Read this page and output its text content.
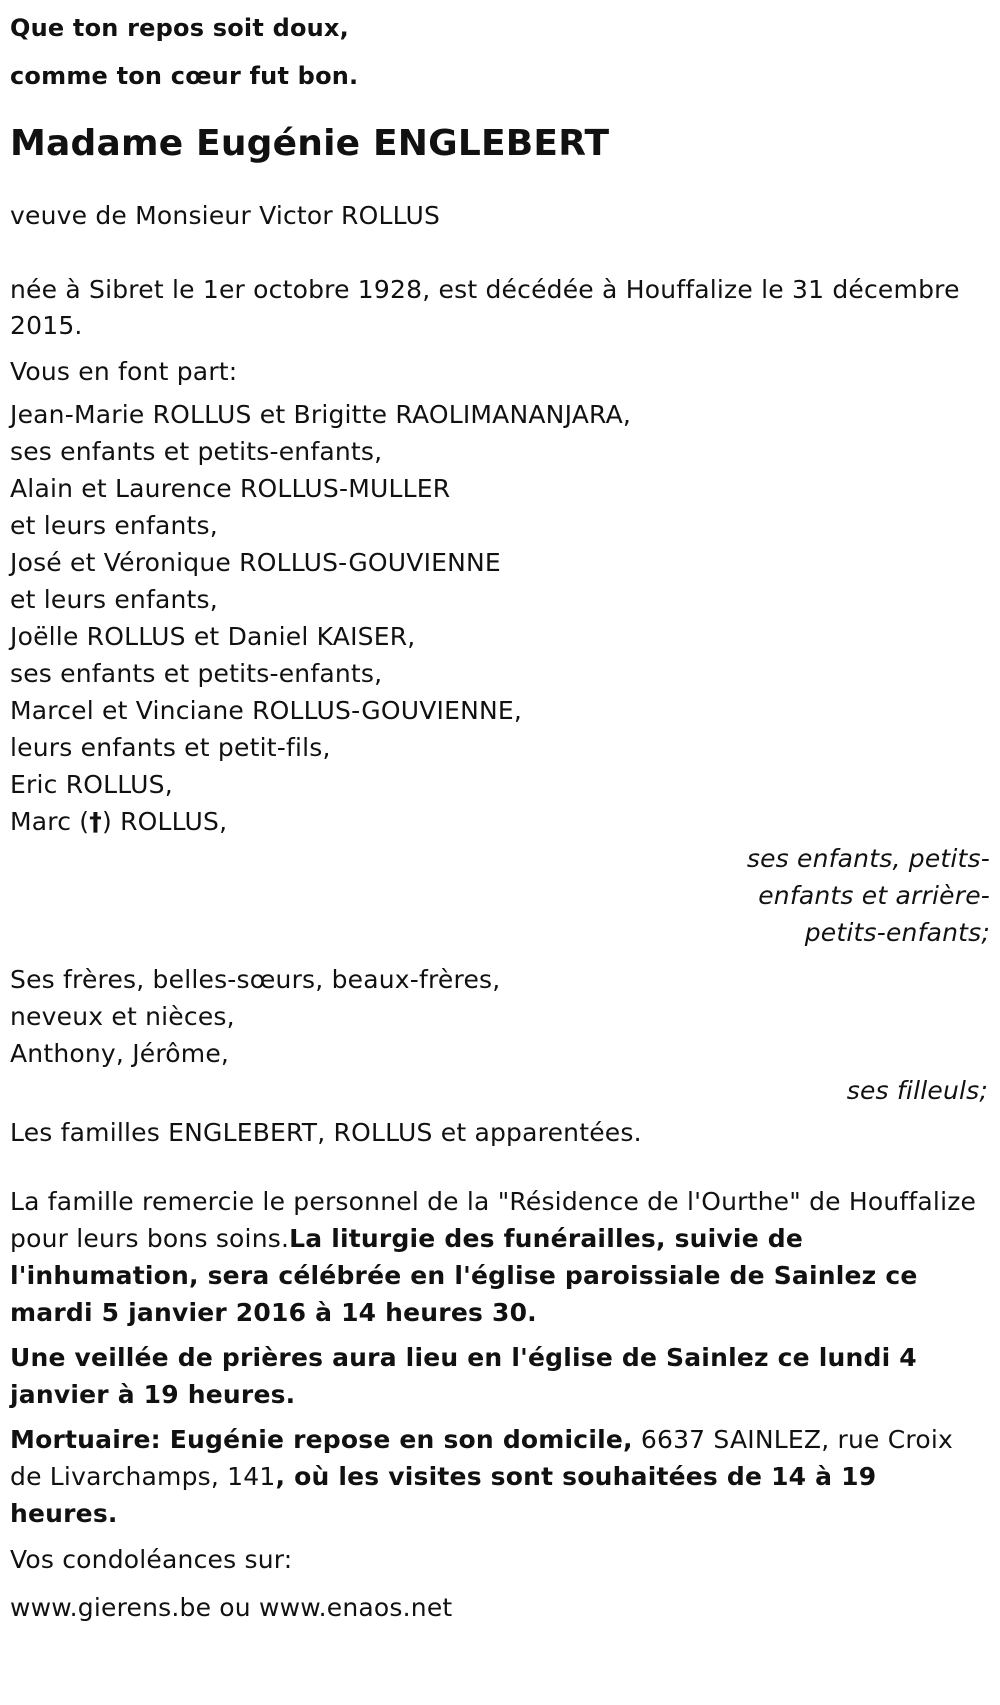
Que ton repos soit doux,
comme ton cœur fut bon.
Madame Eugénie ENGLEBERT

veuve de Monsieur Victor ROLLUS

née à Sibret le 1er octobre 1928, est décédée à Houffalize le 31 décembre 2015.

Vous en font part:

Jean-Marie ROLLUS et Brigitte RAOLIMANANJARA,
ses enfants et petits-enfants,
Alain et Laurence ROLLUS-MULLER
et leurs enfants,
José et Véronique ROLLUS-GOUVIENNE
et leurs enfants,
Joëlle ROLLUS et Daniel KAISER,
ses enfants et petits-enfants,
Marcel et Vinciane ROLLUS-GOUVIENNE,
leurs enfants et petit-fils,
Eric ROLLUS,
Marc (†) ROLLUS,
ses enfants, petits-
enfants et arrière-
petits-enfants;
Ses frères, belles-sœurs, beaux-frères,
neveux et nièces,
Anthony, Jérôme,
ses filleuls;

Les familles ENGLEBERT, ROLLUS et apparentées.

La famille remercie le personnel de la "Résidence de l'Ourthe" de Houffalize pour leurs bons soins.La liturgie des funérailles, suivie de l'inhumation, sera célébrée en l'église paroissiale de Sainlez ce mardi 5 janvier 2016 à 14 heures 30.

Une veillée de prières aura lieu en l'église de Sainlez ce lundi 4 janvier à 19 heures.

Mortuaire: Eugénie repose en son domicile, 6637 SAINLEZ, rue Croix de Livarchamps, 141, où les visites sont souhaitées de 14 à 19 heures.

Vos condoléances sur:

www.gierens.be ou www.enaos.net
